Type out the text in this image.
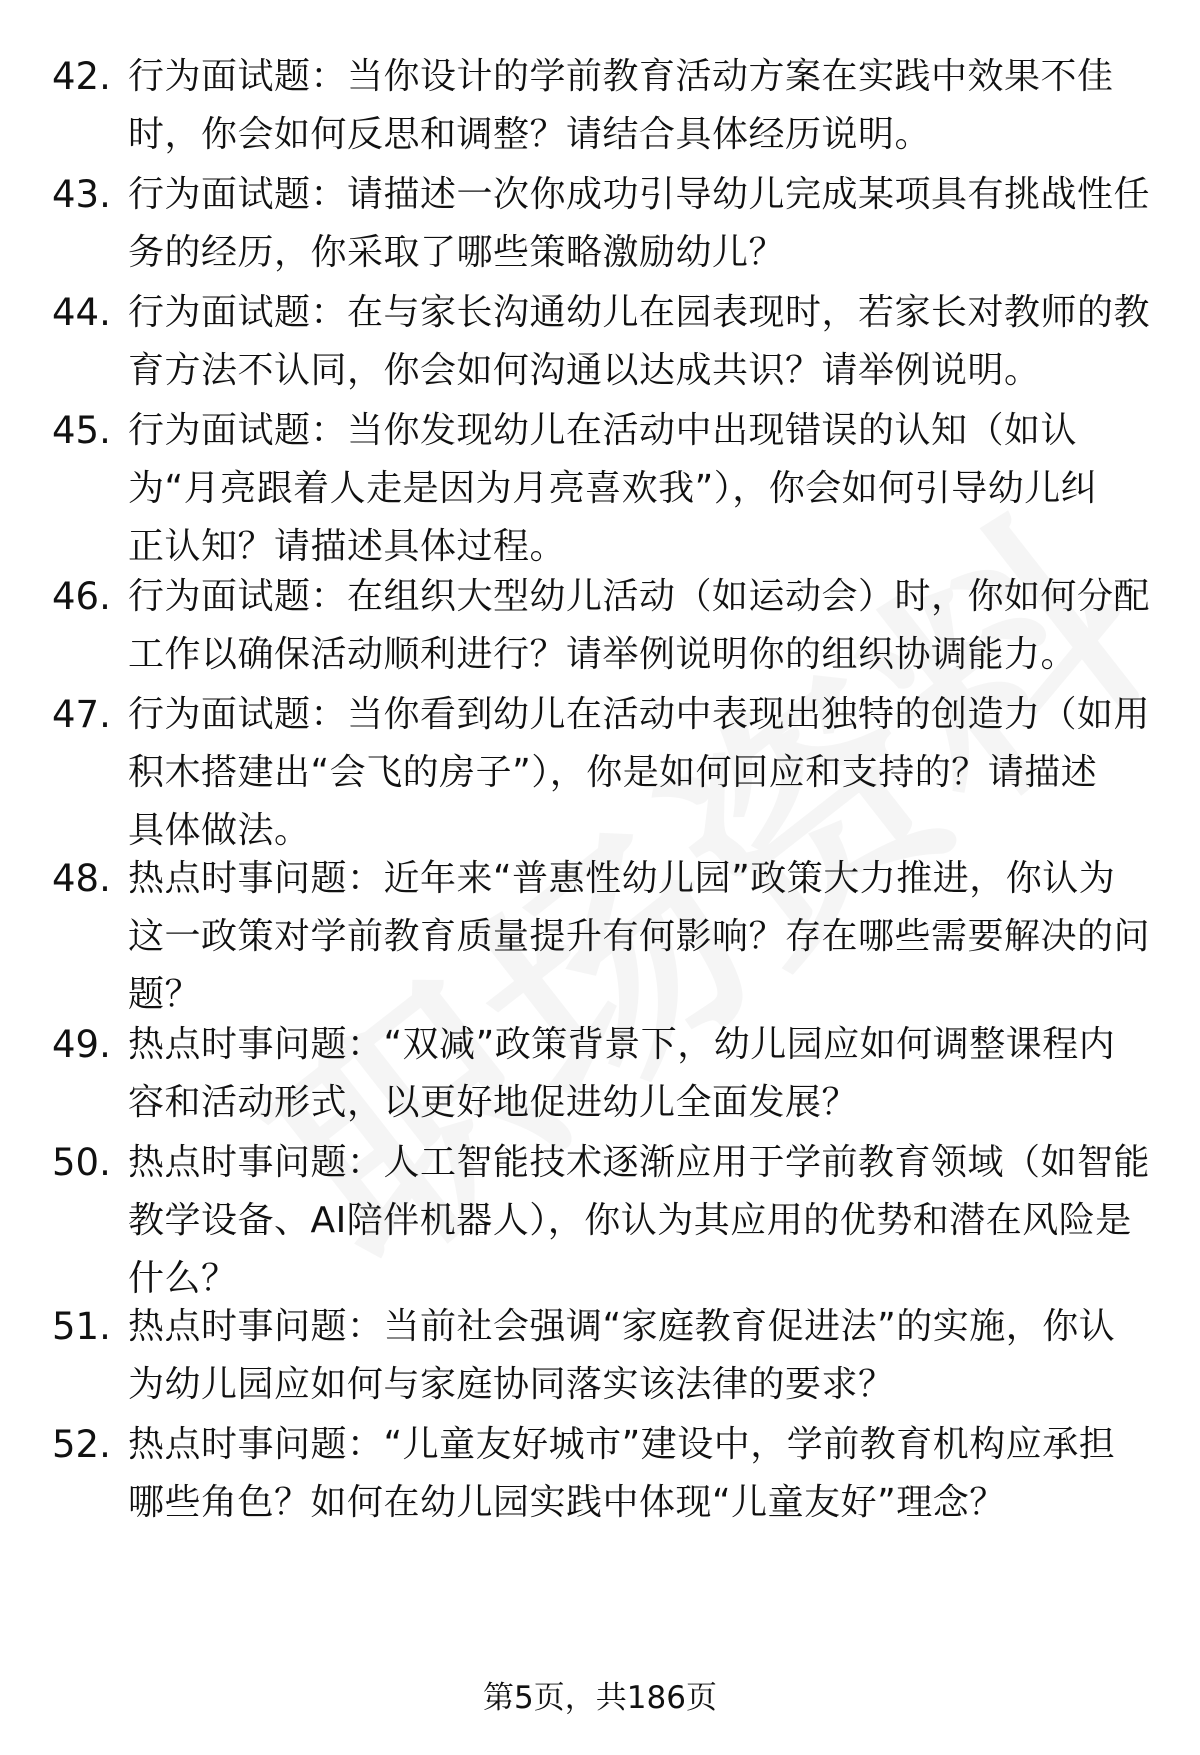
42. 行为面试题：当你设计的学前教育活动方案在实践中效果不佳
时，你会如何反思和调整？请结合具体经历说明。
43. 行为面试题：请描述一次你成功引导幼儿完成某项具有挑战性任
务的经历，你采取了哪些策略激励幼儿？
44. 行为面试题：在与家长沟通幼儿在园表现时，若家长对教师的教
育方法不认同，你会如何沟通以达成共识？请举例说明。
45. 行为面试题：当你发现幼儿在活动中出现错误的认知（如认
为“月亮跟着人走是因为月亮喜欢我”），你会如何引导幼儿纠
正认知？请描述具体过程。
46. 行为面试题：在组织大型幼儿活动（如运动会）时，你如何分配
工作以确保活动顺利进行？请举例说明你的组织协调能力。
47. 行为面试题：当你看到幼儿在活动中表现出独特的创造力（如用
积木搭建出“会飞的房子”），你是如何回应和支持的？请描述
具体做法。
48. 热点时事问题：近年来“普惠性幼儿园”政策大力推进，你认为
这一政策对学前教育质量提升有何影响？存在哪些需要解决的问
题？
49. 热点时事问题：“双减”政策背景下，幼儿园应如何调整课程内
容和活动形式，以更好地促进幼儿全面发展？
50. 热点时事问题：人工智能技术逐渐应用于学前教育领域（如智能
教学设备、AI陪伴机器人），你认为其应用的优势和潜在风险是
什么？
51. 热点时事问题：当前社会强调“家庭教育促进法”的实施，你认
为幼儿园应如何与家庭协同落实该法律的要求？
52. 热点时事问题：“儿童友好城市”建设中，学前教育机构应承担
哪些角色？如何在幼儿园实践中体现“儿童友好”理念？
第5页，共186页
